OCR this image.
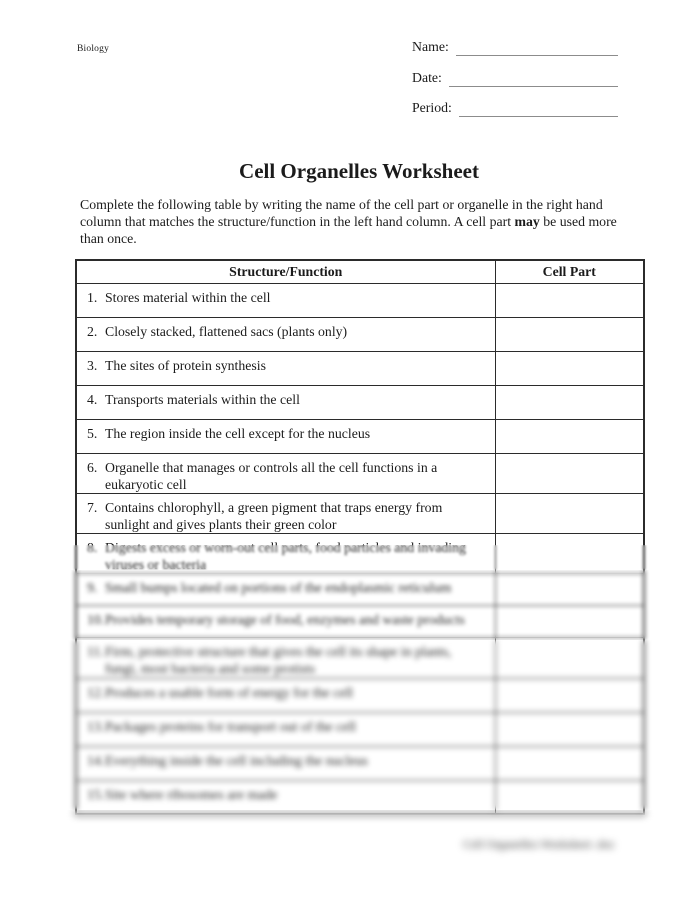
Biology	Name:
Date:
Period:
Cell Organelles Worksheet
Complete the following table by writing the name of the cell part or organelle in the right hand column that matches the structure/function in the left hand column. A cell part may be used more than once.
Structure/Function	Cell Part

1. Stores material within the cell	

2. Closely stacked, flattened sacs (plants only)	

3. The sites of protein synthesis	

4. Transports materials within the cell	

5. The region inside the cell except for the nucleus	

6. Organelle that manages or controls all the cell functions in a eukaryotic cell	

7. Contains chlorophyll, a green pigment that traps energy from sunlight and gives plants their green color	

8. Digests excess or worn-out cell parts, food particles and invading viruses or bacteria	

9. Small bumps located on portions of the endoplasmic reticulum	

10. Provides temporary storage of food, enzymes and waste products	

11. Firm, protective structure that gives the cell its shape in plants, fungi, most bacteria and some protists	

12. Produces a usable form of energy for the cell	

13. Packages proteins for transport out of the cell	

14. Everything inside the cell including the nucleus	

15. Site where ribosomes are made	
Cell Organelles Worksheet .doc
